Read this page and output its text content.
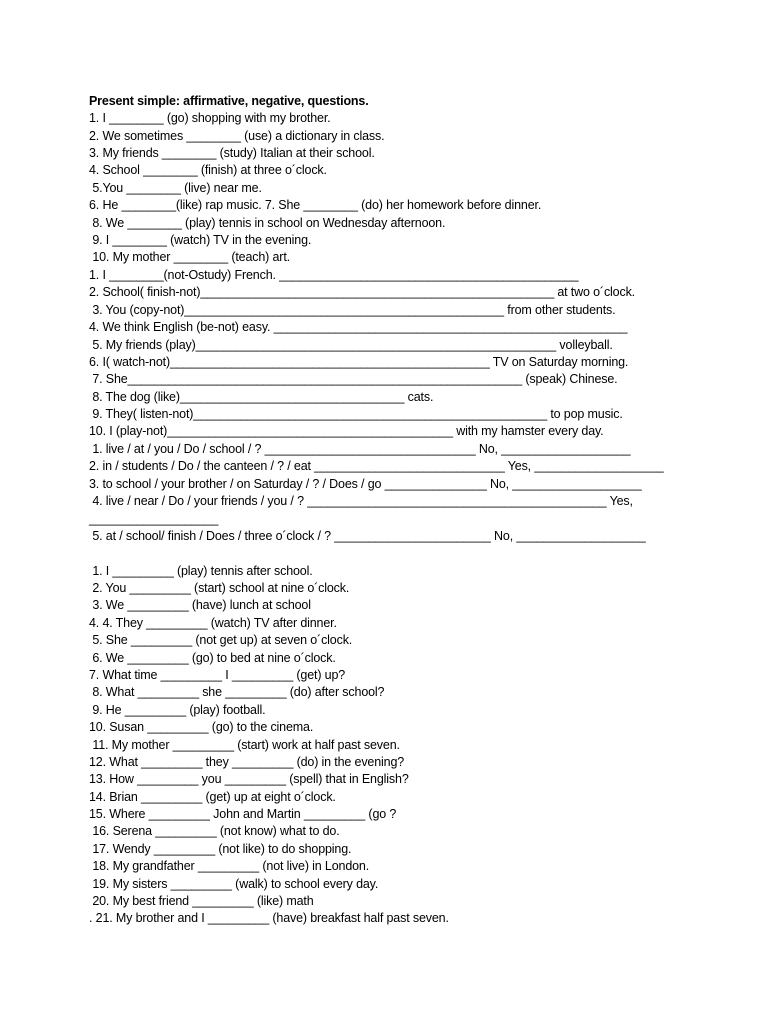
Present simple: affirmative, negative, questions.

1. I ________ (go) shopping with my brother.

2. We sometimes ________ (use) a dictionary in class.

3. My friends ________ (study) Italian at their school.

4. School ________ (finish) at three o´clock.

5.You ________ (live) near me.

6. He ________(like) rap music. 7. She ________ (do) her homework before dinner.

8. We ________ (play) tennis in school on Wednesday afternoon.

9. I ________ (watch) TV in the evening.

10. My mother ________ (teach) art.

1. I ________(not-Ostudy) French. ____________________________________________

2. School( finish-not)____________________________________________________ at two o´clock.

3. You (copy-not)_______________________________________________ from other students.

4. We think English (be-not) easy. ____________________________________________________

5. My friends (play)_____________________________________________________ volleyball.

6. I( watch-not)_______________________________________________ TV on Saturday morning.

7. She__________________________________________________________ (speak) Chinese.

8. The dog (like)_________________________________ cats.

9. They( listen-not)____________________________________________________ to pop music.

10. I (play-not)__________________________________________ with my hamster every day.

1. live / at / you / Do / school / ? _______________________________ No, ___________________

2. in / students / Do / the canteen / ? / eat ____________________________ Yes, ___________________

3. to school / your brother / on Saturday / ? / Does / go _______________ No, ___________________

4. live / near / Do / your friends / you / ? ____________________________________________ Yes,

___________________

5. at / school/ finish / Does / three o´clock / ? _______________________ No, ___________________

1. I _________ (play) tennis after school.

2. You _________ (start) school at nine o´clock.

3. We _________ (have) lunch at school

4. 4. They _________ (watch) TV after dinner.

5. She _________ (not get up) at seven o´clock.

6. We _________ (go) to bed at nine o´clock.

7. What time _________ I _________ (get) up?

8. What _________ she _________ (do) after school?

9. He _________ (play) football.

10. Susan _________ (go) to the cinema.

11. My mother _________ (start) work at half past seven.

12. What _________ they _________ (do) in the evening?

13. How _________ you _________ (spell) that in English?

14. Brian _________ (get) up at eight o´clock.

15. Where _________ John and Martin _________ (go ?

16. Serena _________ (not know) what to do.

17. Wendy _________ (not like) to do shopping.

18. My grandfather _________ (not live) in London.

19. My sisters _________ (walk) to school every day.

20. My best friend _________ (like) math

. 21. My brother and I _________ (have) breakfast half past seven.
